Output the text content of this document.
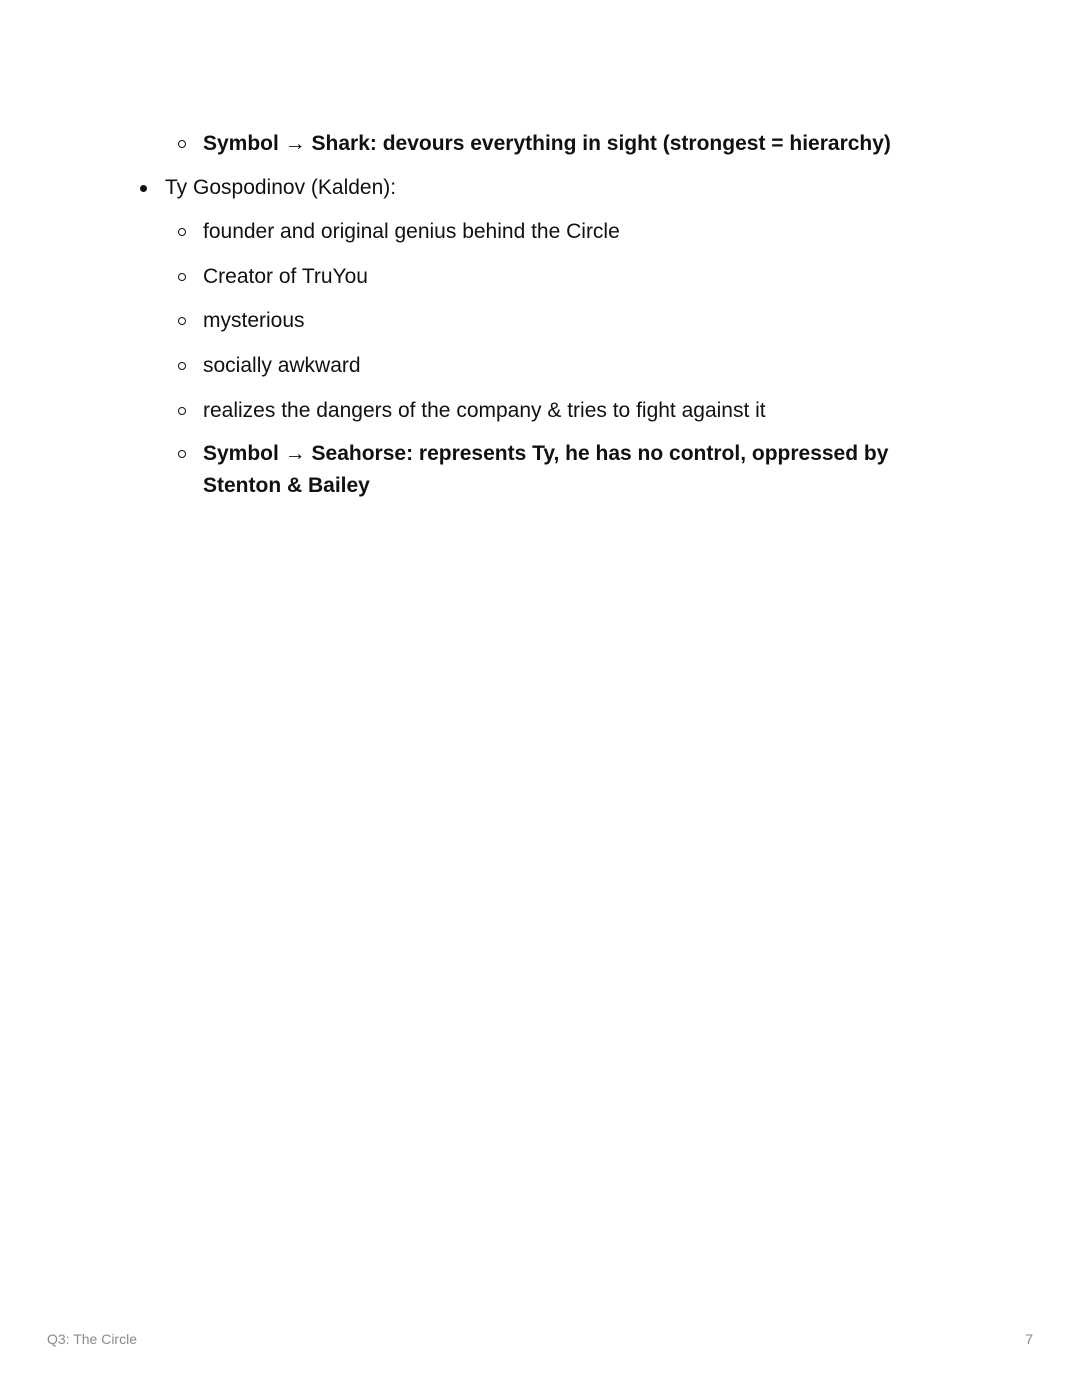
Symbol → Shark: devours everything in sight (strongest = hierarchy)
Ty Gospodinov (Kalden):
founder and original genius behind the Circle
Creator of TruYou
mysterious
socially awkward
realizes the dangers of the company & tries to fight against it
Symbol → Seahorse: represents Ty, he has no control, oppressed by Stenton & Bailey
Q3: The Circle	7
